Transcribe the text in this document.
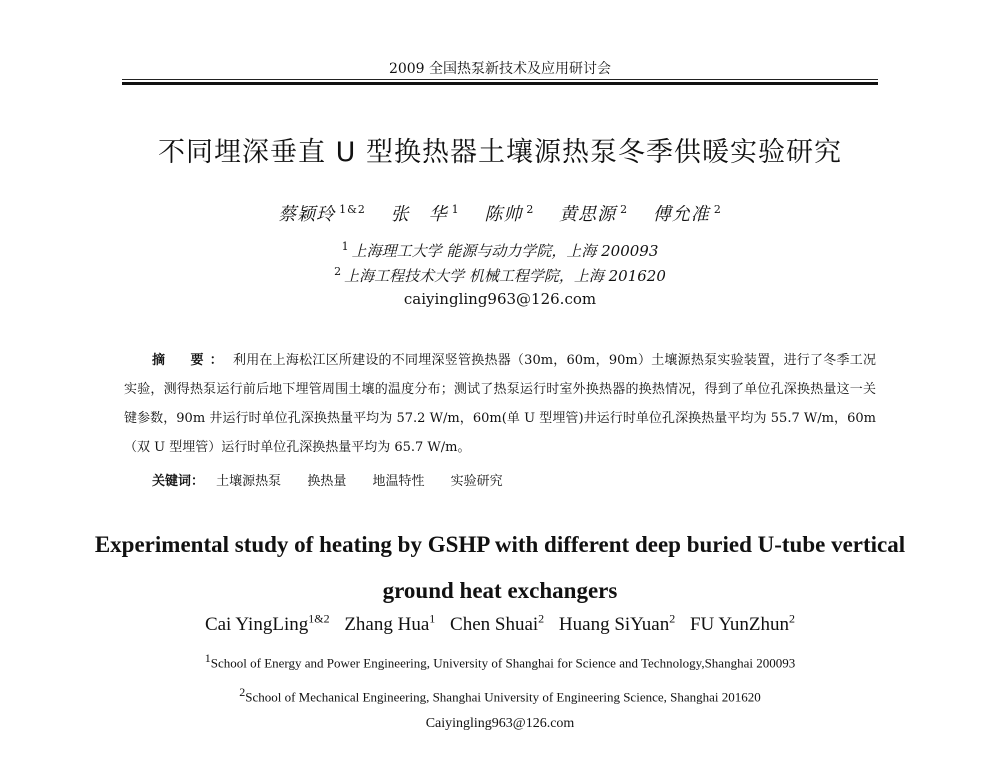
2009 全国热泵新技术及应用研讨会
不同埋深垂直 U 型换热器土壤源热泵冬季供暖实验研究
蔡颖玲 $^{1\&2}$ 张　华 $^1$ 陈帅 $^2$ 黄思源 $^2$ 傅允准 $^2$
$^1$ 上海理工大学 能源与动力学院，上海 200093
$^2$ 上海工程技术大学 机械工程学院，上海 201620
caiyingling963@126.com
摘　要： 利用在上海松江区所建设的不同埋深竖管换热器（30m，60m，90m）土壤源热泵实验装置，进行了冬季工况实验，测得热泵运行前后地下埋管周围土壤的温度分布；测试了热泵运行时室外换热器的换热情况，得到了单位孔深换热量这一关键参数，90m 井运行时单位孔深换热量平均为 57.2 W/m，60m(单 U 型埋管)井运行时单位孔深换热量平均为 55.7 W/m，60m（双 U 型埋管）运行时单位孔深换热量平均为 65.7 W/m。
关键词： 土壤源热泵 换热量 地温特性 实验研究
Experimental study of heating by GSHP with different deep buried U-tube vertical ground heat exchangers
Cai YingLing$^{1\&2}$ Zhang Hua$^1$ Chen Shuai$^2$ Huang SiYuan$^2$ FU YunZhun$^2$
$^1$School of Energy and Power Engineering, University of Shanghai for Science and Technology,Shanghai 200093
$^2$School of Mechanical Engineering, Shanghai University of Engineering Science, Shanghai 201620
Caiyingling963@126.com
